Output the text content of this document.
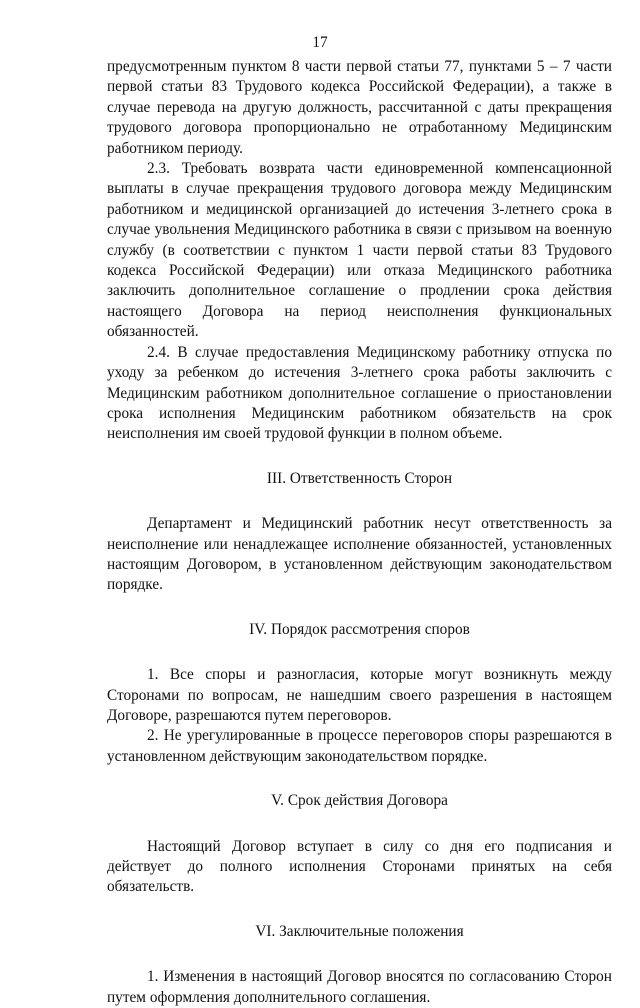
17

предусмотренным пунктом 8 части первой статьи 77, пунктами 5 – 7 части первой статьи 83 Трудового кодекса Российской Федерации), а также в случае перевода на другую должность, рассчитанной с даты прекращения трудового договора пропорционально не отработанному Медицинским работником периоду.

2.3. Требовать возврата части единовременной компенсационной выплаты в случае прекращения трудового договора между Медицинским работником и медицинской организацией до истечения 3-летнего срока в случае увольнения Медицинского работника в связи с призывом на военную службу (в соответствии с пунктом 1 части первой статьи 83 Трудового кодекса Российской Федерации) или отказа Медицинского работника заключить дополнительное соглашение о продлении срока действия настоящего Договора на период неисполнения функциональных обязанностей.

2.4. В случае предоставления Медицинскому работнику отпуска по уходу за ребенком до истечения 3-летнего срока работы заключить с Медицинским работником дополнительное соглашение о приостановлении срока исполнения Медицинским работником обязательств на срок неисполнения им своей трудовой функции в полном объеме.

III. Ответственность Сторон

Департамент и Медицинский работник несут ответственность за неисполнение или ненадлежащее исполнение обязанностей, установленных настоящим Договором, в установленном действующим законодательством порядке.

IV. Порядок рассмотрения споров

1. Все споры и разногласия, которые могут возникнуть между Сторонами по вопросам, не нашедшим своего разрешения в настоящем Договоре, разрешаются путем переговоров.

2. Не урегулированные в процессе переговоров споры разрешаются в установленном действующим законодательством порядке.

V. Срок действия Договора

Настоящий Договор вступает в силу со дня его подписания и действует до полного исполнения Сторонами принятых на себя обязательств.

VI. Заключительные положения

1. Изменения в настоящий Договор вносятся по согласованию Сторон путем оформления дополнительного соглашения.
